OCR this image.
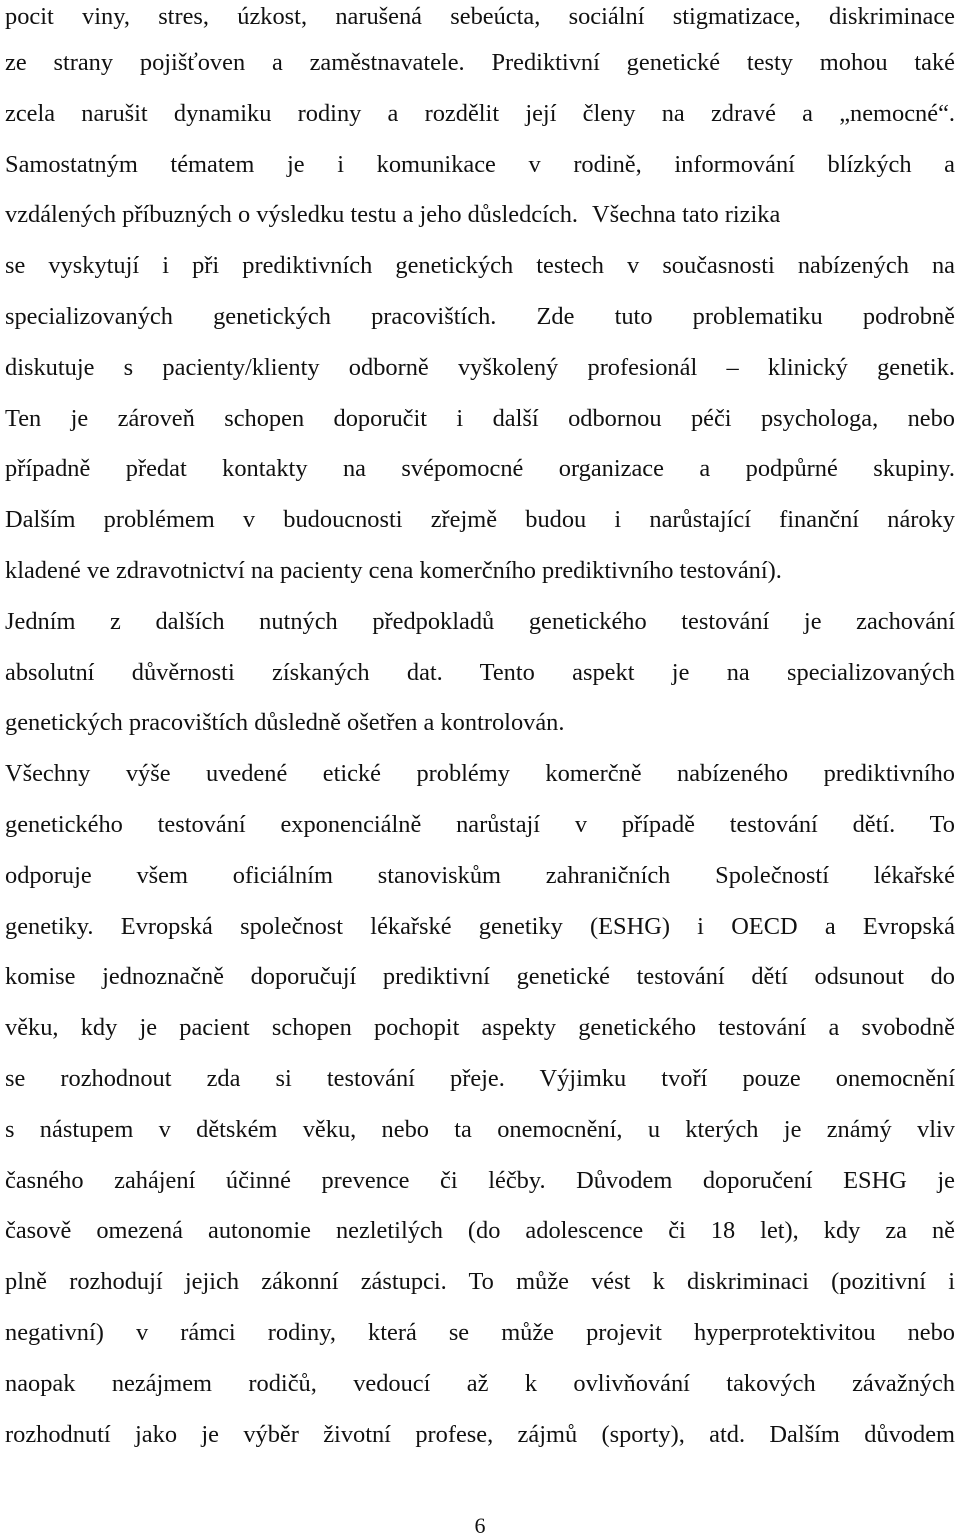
pocit viny, stres, úzkost, narušená sebeúcta, sociální stigmatizace, diskriminace
ze strany pojišťoven a zaměstnavatele. Prediktivní genetické testy mohou také
zcela narušit dynamiku rodiny a rozdělit její členy na zdravé a „nemocné“.
Samostatným tématem je i komunikace v rodině, informování blízkých a
vzdálených příbuzných o výsledku testu a jeho důsledcích. Všechna tato rizika
se vyskytují i při prediktivních genetických testech v současnosti nabízených na
specializovaných genetických pracovištích. Zde tuto problematiku podrobně
diskutuje s pacienty/klienty odborně vyškolený profesionál – klinický genetik.
Ten je zároveň schopen doporučit i další odbornou péči psychologa, nebo
případně předat kontakty na svépomocné organizace a podpůrné skupiny.
Dalším problémem v budoucnosti zřejmě budou i narůstající finanční nároky
kladené ve zdravotnictví na pacienty cena komerčního prediktivního testování).
Jedním z dalších nutných předpokladů genetického testování je zachování
absolutní důvěrnosti získaných dat. Tento aspekt je na specializovaných
genetických pracovištích důsledně ošetřen a kontrolován.
Všechny výše uvedené etické problémy komerčně nabízeného prediktivního
genetického testování exponenciálně narůstají v případě testování dětí. To
odporuje všem oficiálním stanoviskům zahraničních Společností lékařské
genetiky. Evropská společnost lékařské genetiky (ESHG) i OECD a Evropská
komise jednoznačně doporučují prediktivní genetické testování dětí odsunout do
věku, kdy je pacient schopen pochopit aspekty genetického testování a svobodně
se rozhodnout zda si testování přeje. Výjimku tvoří pouze onemocnění
s nástupem v dětském věku, nebo ta onemocnění, u kterých je známý vliv
časného zahájení účinné prevence či léčby. Důvodem doporučení ESHG je
časově omezená autonomie nezletilých (do adolescence či 18 let), kdy za ně
plně rozhodují jejich zákonní zástupci. To může vést k diskriminaci (pozitivní i
negativní) v rámci rodiny, která se může projevit hyperprotektivitou nebo
naopak nezájmem rodičů, vedoucí až k ovlivňování takových závažných
rozhodnutí jako je výběr životní profese, zájmů (sporty), atd. Dalším důvodem
6
